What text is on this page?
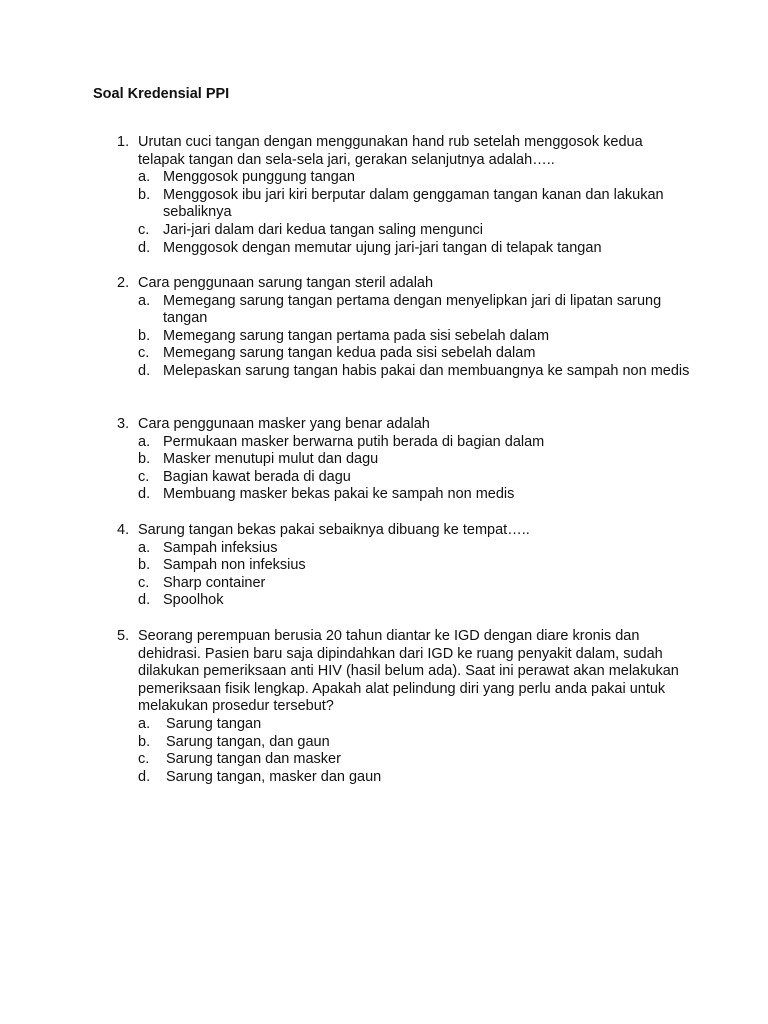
Soal Kredensial PPI
1. Urutan cuci tangan dengan menggunakan hand rub setelah menggosok kedua telapak tangan dan sela-sela jari, gerakan selanjutnya adalah…..
a. Menggosok punggung tangan
b. Menggosok ibu jari kiri berputar dalam genggaman tangan kanan dan lakukan sebaliknya
c. Jari-jari dalam dari kedua tangan saling mengunci
d. Menggosok dengan memutar ujung jari-jari tangan di telapak tangan
2. Cara penggunaan sarung tangan steril adalah
a. Memegang sarung tangan pertama dengan menyelipkan jari di lipatan sarung tangan
b. Memegang sarung tangan pertama pada sisi sebelah dalam
c. Memegang sarung tangan kedua pada sisi sebelah dalam
d. Melepaskan sarung tangan habis pakai dan membuangnya ke sampah non medis
3. Cara penggunaan masker yang benar adalah
a. Permukaan masker berwarna putih berada di bagian dalam
b. Masker menutupi mulut dan dagu
c. Bagian kawat berada di dagu
d. Membuang masker bekas pakai ke sampah non medis
4. Sarung tangan bekas pakai sebaiknya dibuang ke tempat…..
a. Sampah infeksius
b. Sampah non infeksius
c. Sharp container
d. Spoolhok
5. Seorang perempuan berusia 20 tahun diantar ke IGD dengan diare kronis dan dehidrasi. Pasien baru saja dipindahkan dari IGD ke ruang penyakit dalam, sudah dilakukan pemeriksaan anti HIV (hasil belum ada). Saat ini perawat akan melakukan pemeriksaan fisik lengkap. Apakah alat pelindung diri yang perlu anda pakai untuk melakukan prosedur tersebut?
a.	Sarung tangan
b.	Sarung tangan, dan gaun
c.	Sarung tangan dan masker
d.	Sarung tangan, masker dan gaun
